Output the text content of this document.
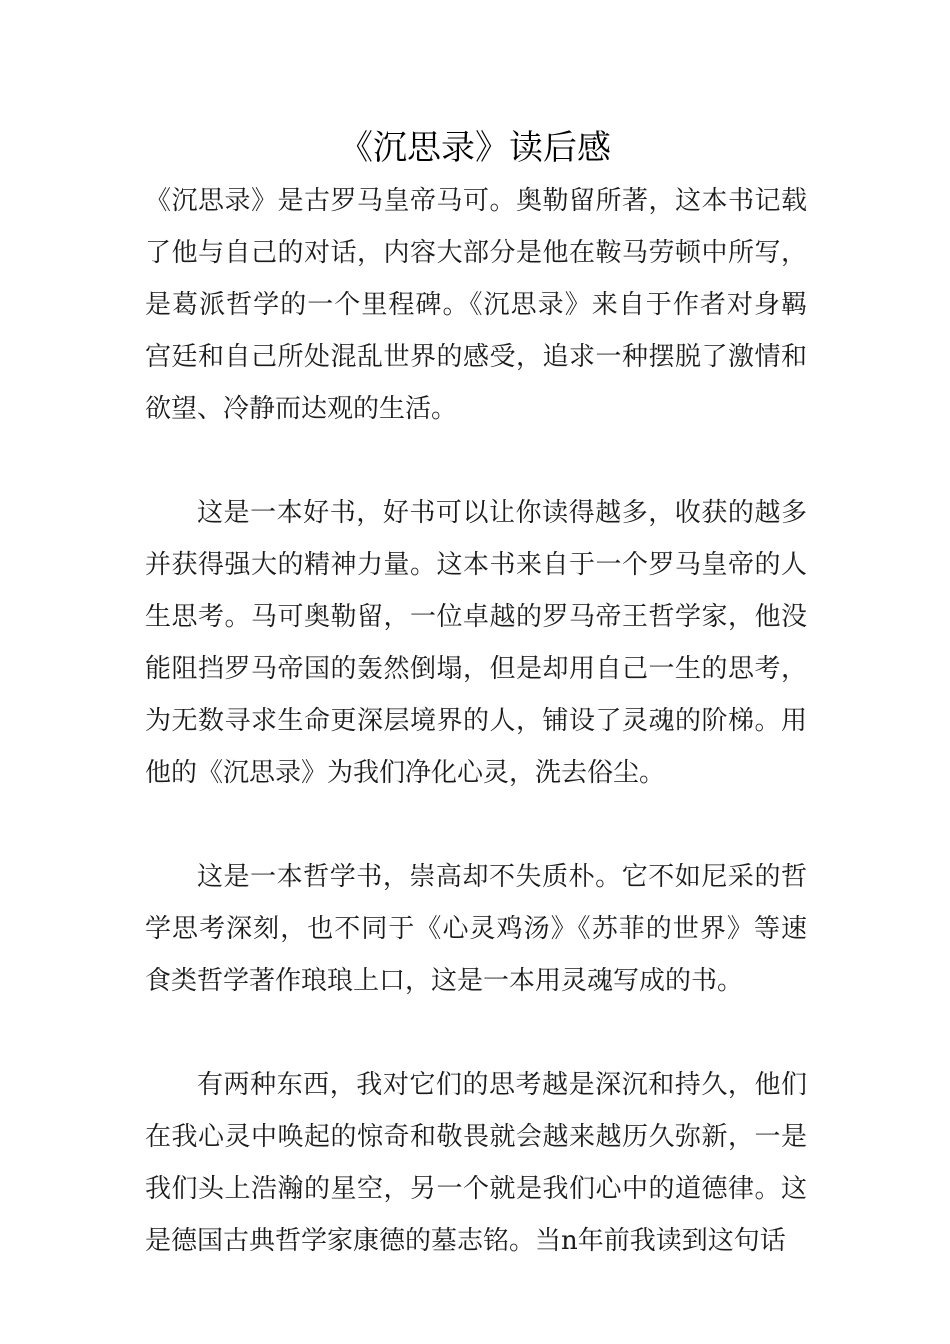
《沉思录》读后感

《沉思录》是古罗马皇帝马可。奥勒留所著，这本书记载了他与自己的对话，内容大部分是他在鞍马劳顿中所写，是葛派哲学的一个里程碑。《沉思录》来自于作者对身羁宫廷和自己所处混乱世界的感受，追求一种摆脱了激情和欲望、冷静而达观的生活。

这是一本好书，好书可以让你读得越多，收获的越多并获得强大的精神力量。这本书来自于一个罗马皇帝的人生思考。马可奥勒留，一位卓越的罗马帝王哲学家，他没能阻挡罗马帝国的轰然倒塌，但是却用自己一生的思考，为无数寻求生命更深层境界的人，铺设了灵魂的阶梯。用他的《沉思录》为我们净化心灵，洗去俗尘。

这是一本哲学书，崇高却不失质朴。它不如尼采的哲学思考深刻，也不同于《心灵鸡汤》《苏菲的世界》等速食类哲学著作琅琅上口，这是一本用灵魂写成的书。

有两种东西，我对它们的思考越是深沉和持久，他们在我心灵中唤起的惊奇和敬畏就会越来越历久弥新，一是我们头上浩瀚的星空，另一个就是我们心中的道德律。这是德国古典哲学家康德的墓志铭。当n年前我读到这句话
